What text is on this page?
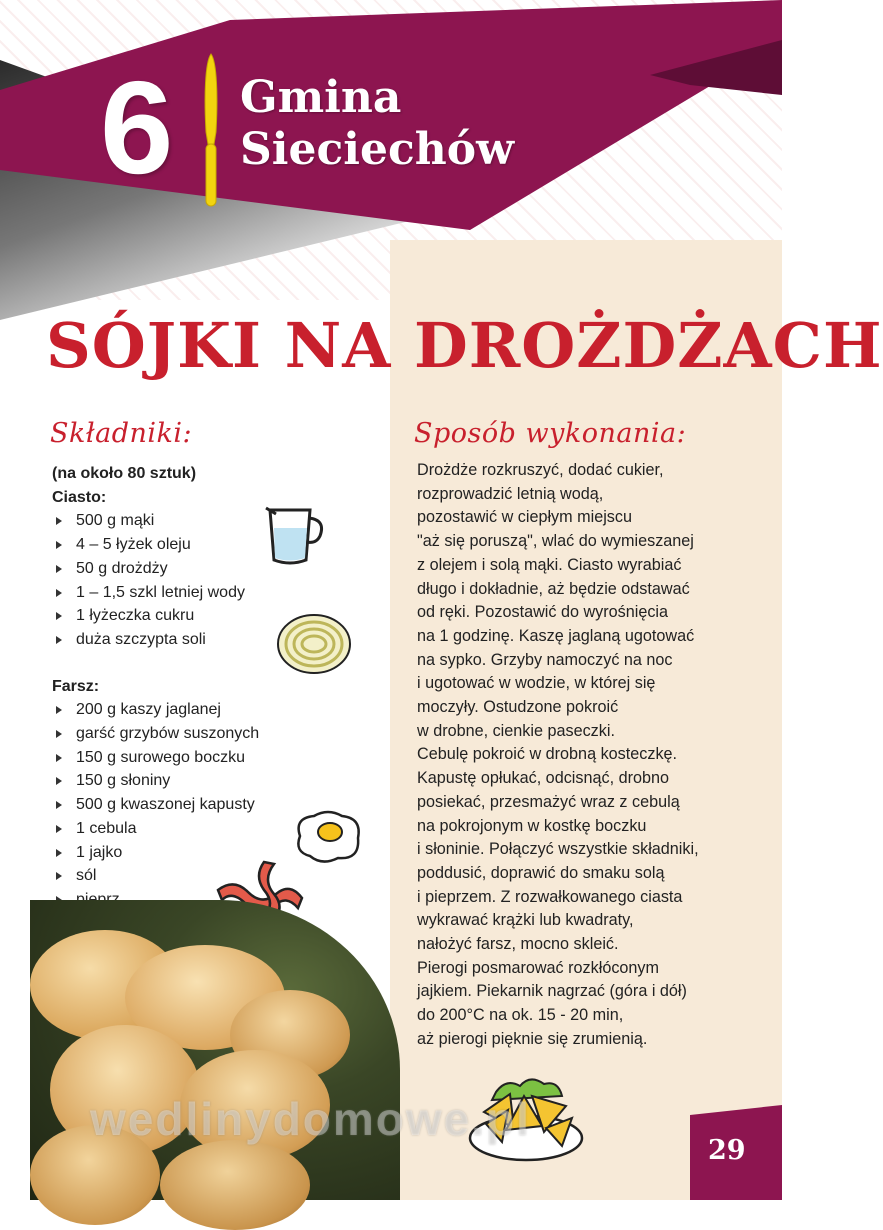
6 Gmina
Sieciechów
SÓJKI NA DROŻDŻACH
Składniki:	Sposób wykonania:
(na około 80 sztuk)
Ciasto:
500 g mąki
4 – 5 łyżek oleju
50 g drożdży
1 – 1,5 szkl letniej wody
1 łyżeczka cukru
duża szczypta soli
Farsz:
200 g kaszy jaglanej
garść grzybów suszonych
150 g surowego boczku
150 g słoniny
500 g kwaszonej kapusty
1 cebula
1 jajko
sól
Drożdże rozkruszyć, dodać cukier,
rozprowadzić letnią wodą,
pozostawić w ciepłym miejscu
"aż się poruszą", wlać do wymieszanej
z olejem i solą mąki. Ciasto wyrabiać
długo i dokładnie, aż będzie odstawać
od ręki. Pozostawić do wyrośnięcia
na 1 godzinę. Kaszę jaglaną ugotować
na sypko. Grzyby namoczyć na noc
i ugotować w wodzie, w której się
moczyły. Ostudzone pokroić
w drobne, cienkie paseczki.
Cebulę pokroić w drobną kosteczkę.
Kapustę opłukać, odcisnąć, drobno
posiekać, przesmażyć wraz z cebulą
na pokrojonym w kostkę boczku
i słoninie. Połączyć wszystkie składniki,
poddusić, doprawić do smaku solą
i pieprzem. Z rozwałkowanego ciasta
wykrawać krążki lub kwadraty,
nałożyć farsz, mocno skleić.
Pierogi posmarować rozkłóconym
jajkiem. Piekarnik nagrzać (góra i dół)
do 200°C na ok. 15 - 20 min,
aż pierogi pięknie się zrumienią.
wedlinydomowe.pl
29
